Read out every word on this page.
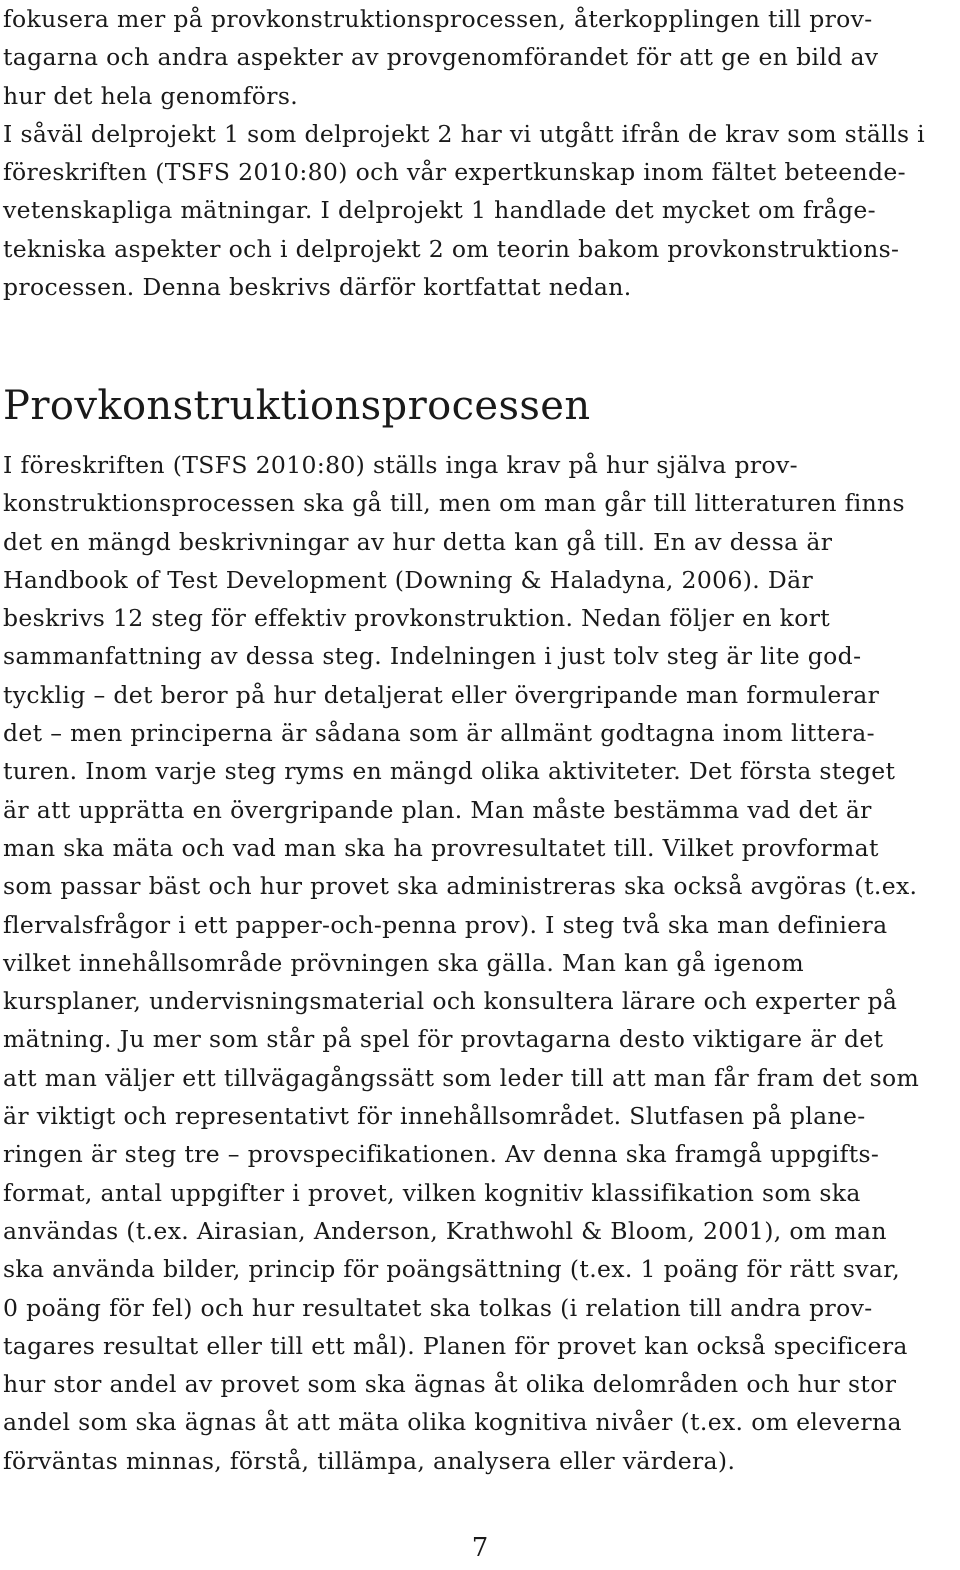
fokusera mer på provkonstruktionsprocessen, återkopplingen till prov-
tagarna och andra aspekter av provgenomförandet för att ge en bild av
hur det hela genomförs.
I såväl delprojekt 1 som delprojekt 2 har vi utgått ifrån de krav som ställs i
föreskriften (TSFS 2010:80) och vår expertkunskap inom fältet beteende-
vetenskapliga mätningar. I delprojekt 1 handlade det mycket om fråge-
tekniska aspekter och i delprojekt 2 om teorin bakom provkonstruktions-
processen. Denna beskrivs därför kortfattat nedan.
Provkonstruktionsprocessen
I föreskriften (TSFS 2010:80) ställs inga krav på hur själva prov-
konstruktionsprocessen ska gå till, men om man går till litteraturen finns
det en mängd beskrivningar av hur detta kan gå till. En av dessa är
Handbook of Test Development (Downing & Haladyna, 2006). Där
beskrivs 12 steg för effektiv provkonstruktion. Nedan följer en kort
sammanfattning av dessa steg. Indelningen i just tolv steg är lite god-
tycklig – det beror på hur detaljerat eller övergripande man formulerar
det – men principerna är sådana som är allmänt godtagna inom littera-
turen. Inom varje steg ryms en mängd olika aktiviteter. Det första steget
är att upprätta en övergripande plan. Man måste bestämma vad det är
man ska mäta och vad man ska ha provresultatet till. Vilket provformat
som passar bäst och hur provet ska administreras ska också avgöras (t.ex.
flervalsfrågor i ett papper-och-penna prov). I steg två ska man definiera
vilket innehållsområde prövningen ska gälla. Man kan gå igenom
kursplaner, undervisningsmaterial och konsultera lärare och experter på
mätning. Ju mer som står på spel för provtagarna desto viktigare är det
att man väljer ett tillvägagångssätt som leder till att man får fram det som
är viktigt och representativt för innehållsområdet. Slutfasen på plane-
ringen är steg tre – provspecifikationen. Av denna ska framgå uppgifts-
format, antal uppgifter i provet, vilken kognitiv klassifikation som ska
användas (t.ex. Airasian, Anderson, Krathwohl & Bloom, 2001), om man
ska använda bilder, princip för poängsättning (t.ex. 1 poäng för rätt svar,
0 poäng för fel) och hur resultatet ska tolkas (i relation till andra prov-
tagares resultat eller till ett mål). Planen för provet kan också specificera
hur stor andel av provet som ska ägnas åt olika delområden och hur stor
andel som ska ägnas åt att mäta olika kognitiva nivåer (t.ex. om eleverna
förväntas minnas, förstå, tillämpa, analysera eller värdera).
7
